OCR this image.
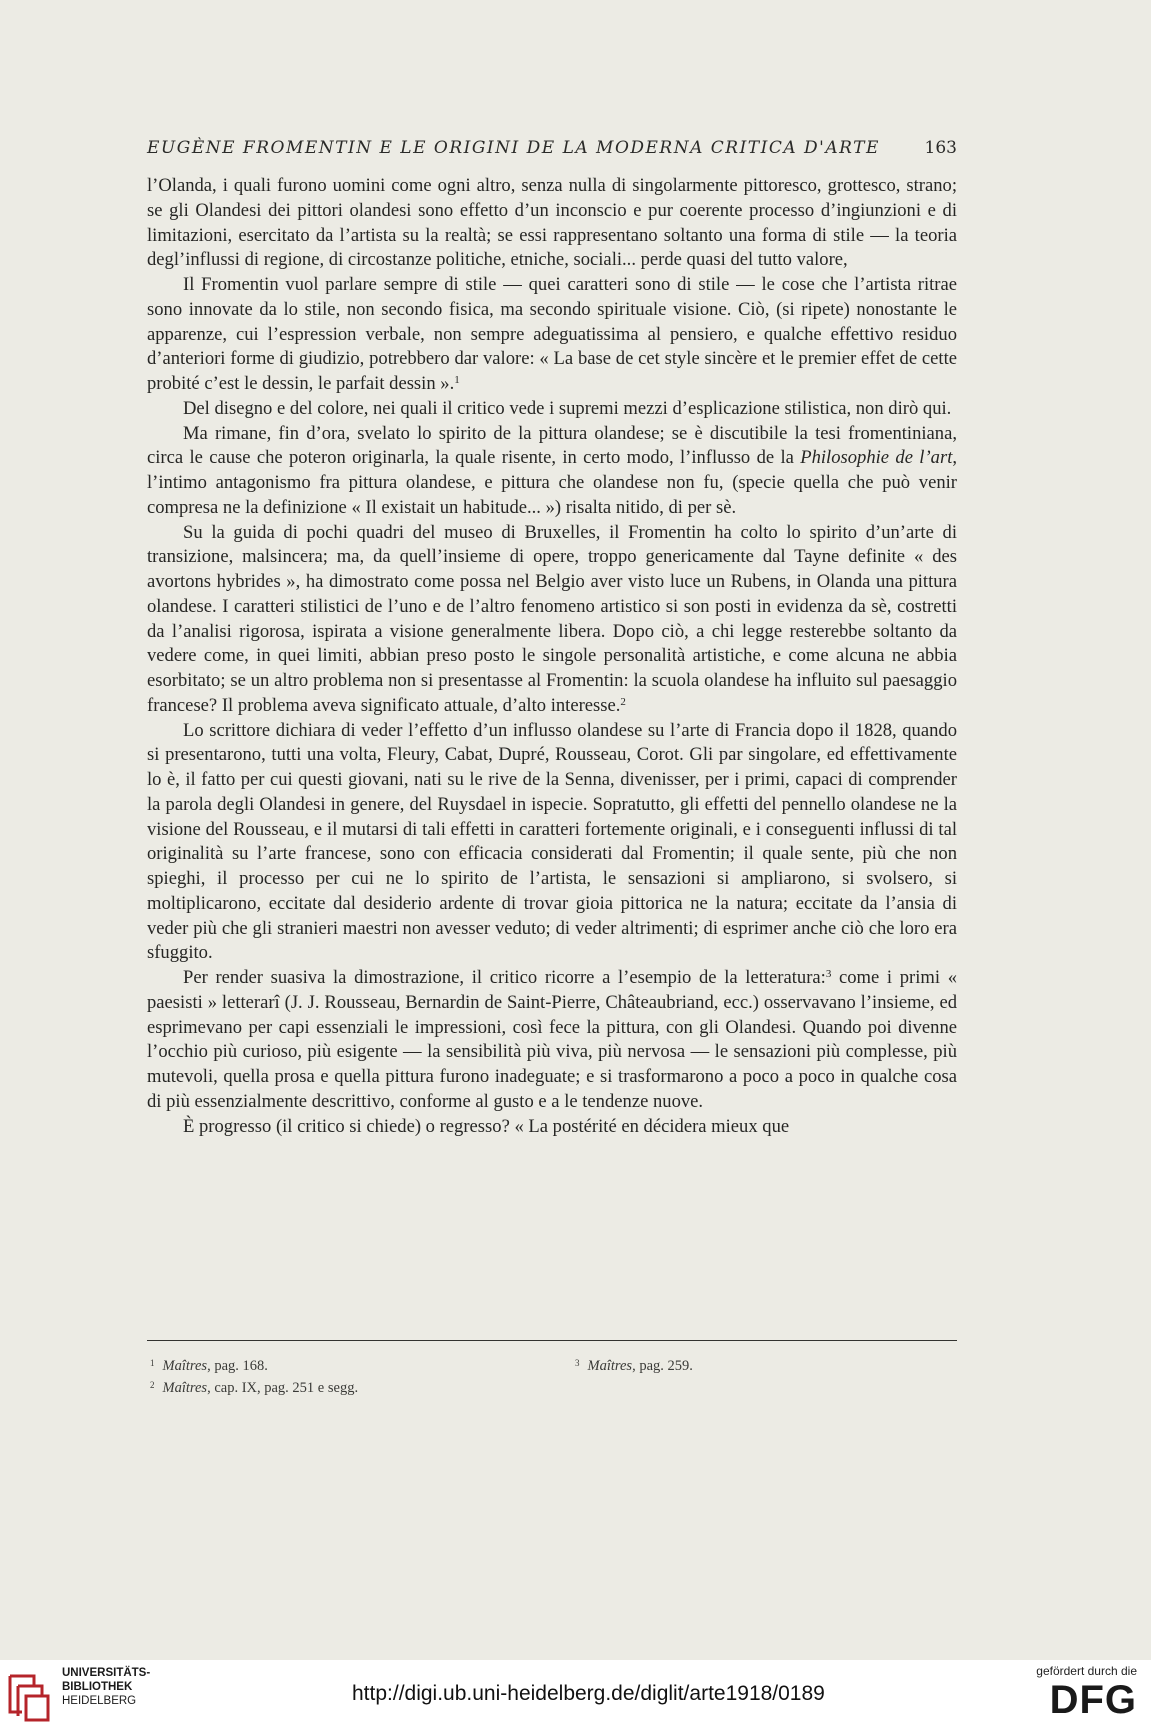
EUGÈNE FROMENTIN E LE ORIGINI DE LA MODERNA CRITICA D'ARTE	163

l’Olanda, i quali furono uomini come ogni altro, senza nulla di singolarmente pittoresco, grottesco, strano; se gli Olandesi dei pittori olandesi sono effetto d’un inconscio e pur coerente processo d’ingiunzioni e di limitazioni, esercitato da l’artista su la realtà; se essi rappresentano soltanto una forma di stile — la teoria degl’influssi di regione, di circostanze politiche, etniche, sociali... perde quasi del tutto valore,

Il Fromentin vuol parlare sempre di stile — quei caratteri sono di stile — le cose che l’artista ritrae sono innovate da lo stile, non secondo fisica, ma secondo spirituale visione. Ciò, (si ripete) nonostante le apparenze, cui l’espression verbale, non sempre adeguatissima al pensiero, e qualche effettivo residuo d’anteriori forme di giudizio, potrebbero dar valore: « La base de cet style sincère et le premier effet de cette probité c’est le dessin, le parfait dessin ».$^1$

Del disegno e del colore, nei quali il critico vede i supremi mezzi d’esplicazione stilistica, non dirò qui.

Ma rimane, fin d’ora, svelato lo spirito de la pittura olandese; se è discutibile la tesi fromentiniana, circa le cause che poteron originarla, la quale risente, in certo modo, l’influsso de la Philosophie de l’art, l’intimo antagonismo fra pittura olandese, e pittura che olandese non fu, (specie quella che può venir compresa ne la definizione « Il existait un habitude... ») risalta nitido, di per sè.

Su la guida di pochi quadri del museo di Bruxelles, il Fromentin ha colto lo spirito d’un’arte di transizione, malsincera; ma, da quell’insieme di opere, troppo genericamente dal Tayne definite « des avortons hybrides », ha dimostrato come possa nel Belgio aver visto luce un Rubens, in Olanda una pittura olandese. I caratteri stilistici de l’uno e de l’altro fenomeno artistico si son posti in evidenza da sè, costretti da l’analisi rigorosa, ispirata a visione generalmente libera. Dopo ciò, a chi legge resterebbe soltanto da vedere come, in quei limiti, abbian preso posto le singole personalità artistiche, e come alcuna ne abbia esorbitato; se un altro problema non si presentasse al Fromentin: la scuola olandese ha influito sul paesaggio francese? Il problema aveva significato attuale, d’alto interesse.$^2$

Lo scrittore dichiara di veder l’effetto d’un influsso olandese su l’arte di Francia dopo il 1828, quando si presentarono, tutti una volta, Fleury, Cabat, Dupré, Rousseau, Corot. Gli par singolare, ed effettivamente lo è, il fatto per cui questi giovani, nati su le rive de la Senna, divenisser, per i primi, capaci di comprender la parola degli Olandesi in genere, del Ruysdael in ispecie. Sopratutto, gli effetti del pennello olandese ne la visione del Rousseau, e il mutarsi di tali effetti in caratteri fortemente originali, e i conseguenti influssi di tal originalità su l’arte francese, sono con efficacia considerati dal Fromentin; il quale sente, più che non spieghi, il processo per cui ne lo spirito de l’artista, le sensazioni si ampliarono, si svolsero, si moltiplicarono, eccitate dal desiderio ardente di trovar gioia pittorica ne la natura; eccitate da l’ansia di veder più che gli stranieri maestri non avesser veduto; di veder altrimenti; di esprimer anche ciò che loro era sfuggito.

Per render suasiva la dimostrazione, il critico ricorre a l’esempio de la letteratura:$^3$ come i primi « paesisti » letterarî (J. J. Rousseau, Bernardin de Saint-Pierre, Châteaubriand, ecc.) osservavano l’insieme, ed esprimevano per capi essenziali le impressioni, così fece la pittura, con gli Olandesi. Quando poi divenne l’occhio più curioso, più esigente — la sensibilità più viva, più nervosa — le sensazioni più complesse, più mutevoli, quella prosa e quella pittura furono inadeguate; e si trasformarono a poco a poco in qualche cosa di più essenzialmente descrittivo, conforme al gusto e a le tendenze nuove.

È progresso (il critico si chiede) o regresso? « La postérité en décidera mieux que

$^1$ Maîtres, pag. 168.
$^2$ Maîtres, cap. IX, pag. 251 e segg.
$^3$ Maîtres, pag. 259.
UNIVERSITÄTS-
BIBLIOTHEK
HEIDELBERG	http://digi.ub.uni-heidelberg.de/diglit/arte1918/0189
gefördert durch die
DFG
